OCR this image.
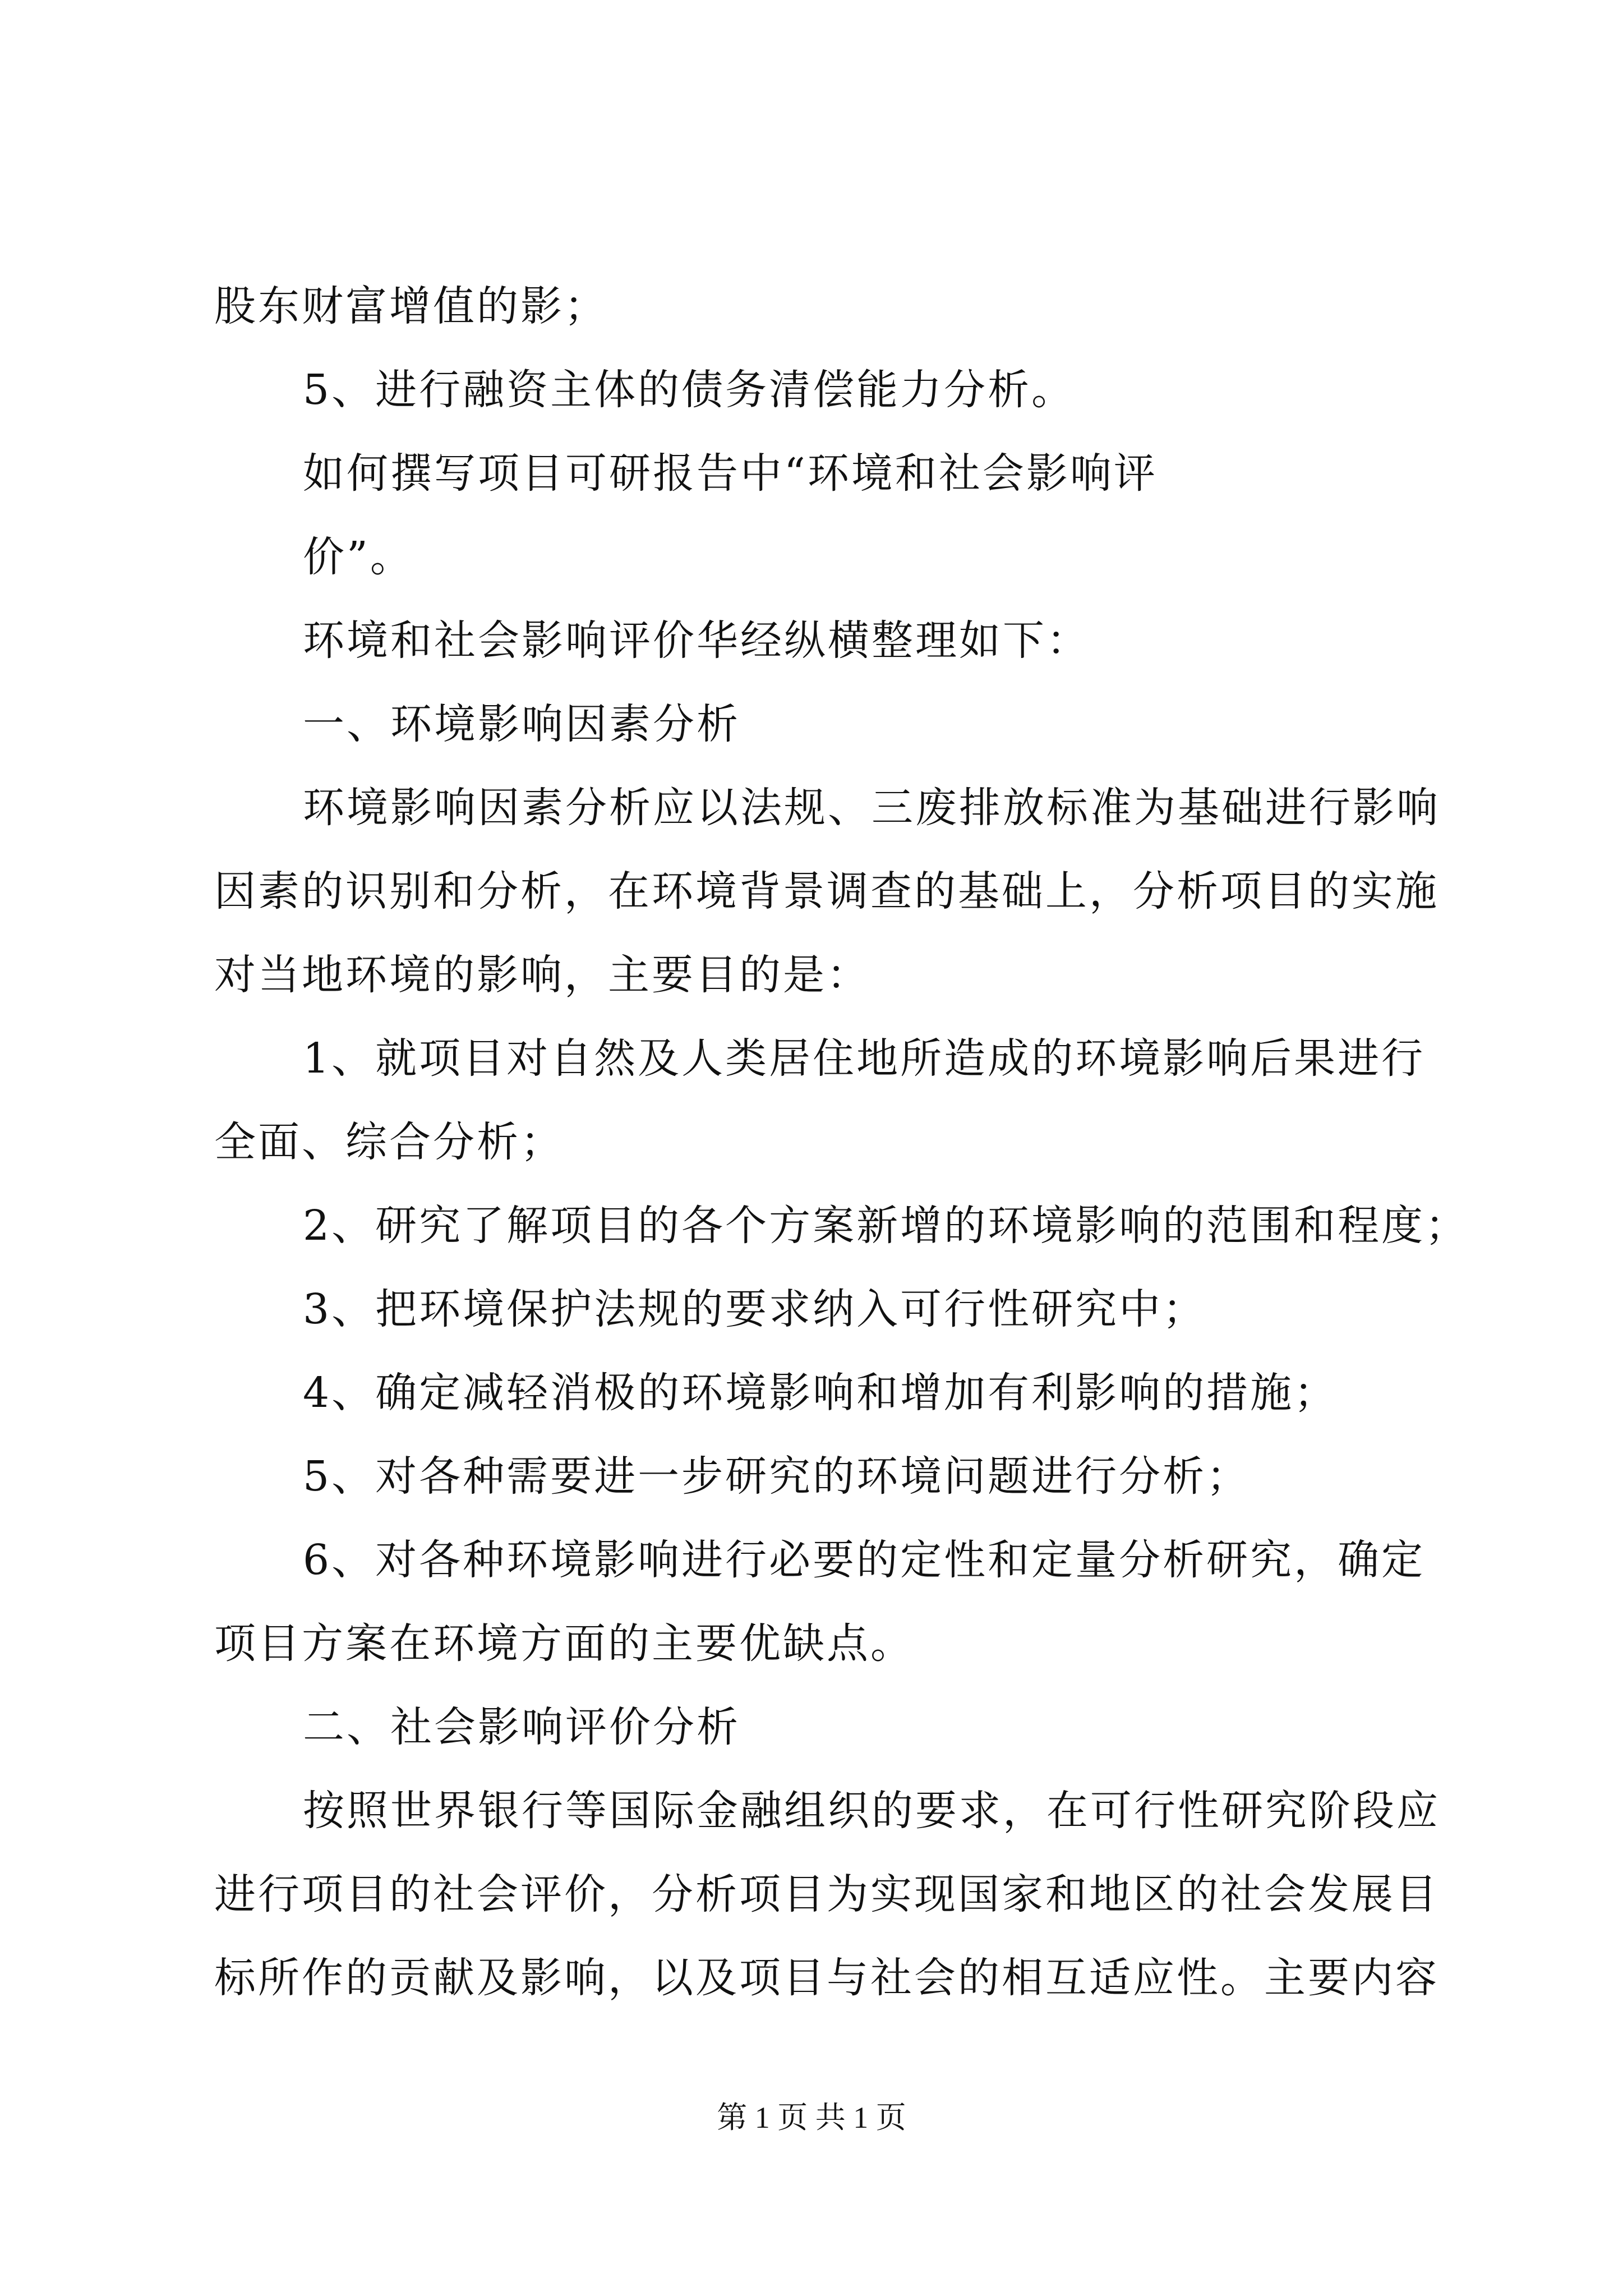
股东财富增值的影；
5、进行融资主体的债务清偿能力分析。
如何撰写项目可研报告中“环境和社会影响评
价”。
环境和社会影响评价华经纵横整理如下：
一、环境影响因素分析
环境影响因素分析应以法规、三废排放标准为基础进行影响
因素的识别和分析，在环境背景调查的基础上，分析项目的实施
对当地环境的影响，主要目的是：
1、就项目对自然及人类居住地所造成的环境影响后果进行
全面、综合分析；
2、研究了解项目的各个方案新增的环境影响的范围和程度；
3、把环境保护法规的要求纳入可行性研究中；
4、确定减轻消极的环境影响和增加有利影响的措施；
5、对各种需要进一步研究的环境问题进行分析；
6、对各种环境影响进行必要的定性和定量分析研究，确定
项目方案在环境方面的主要优缺点。
二、社会影响评价分析
按照世界银行等国际金融组织的要求，在可行性研究阶段应
进行项目的社会评价，分析项目为实现国家和地区的社会发展目
标所作的贡献及影响，以及项目与社会的相互适应性。主要内容
第 1 页 共 1 页
